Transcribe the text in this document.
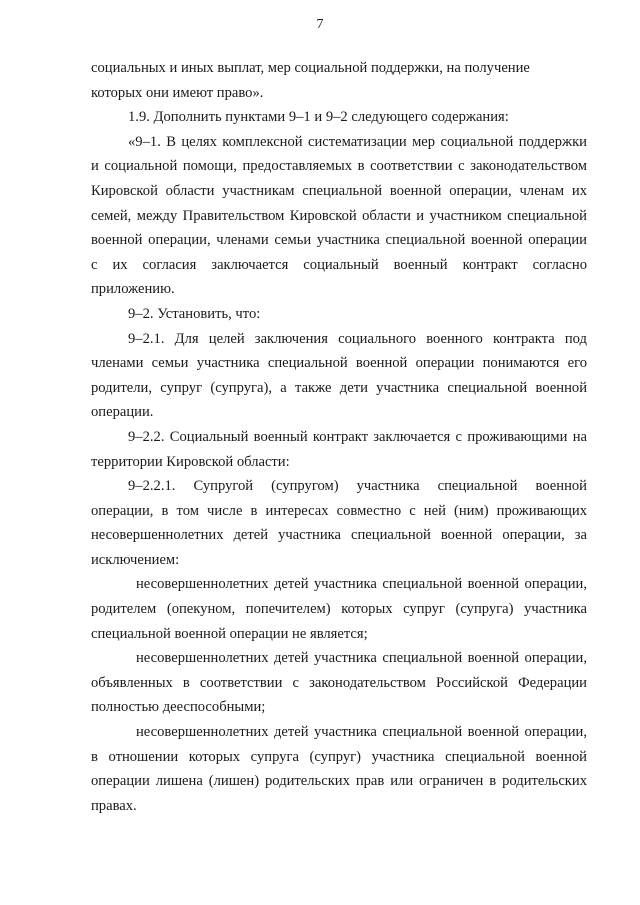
7
социальных и иных выплат, мер социальной поддержки, на получение
которых они имеют право».
1.9. Дополнить пунктами 9–1 и 9–2 следующего содержания:
«9–1. В целях комплексной систематизации мер социальной поддержки
и социальной помощи, предоставляемых в соответствии с законодательством
Кировской области участникам специальной военной операции, членам их
семей, между Правительством Кировской области и участником специальной
военной операции, членами семьи участника специальной военной операции
с их согласия заключается социальный военный контракт согласно
приложению.
9–2. Установить, что:
9–2.1. Для целей заключения социального военного контракта под
членами семьи участника специальной военной операции понимаются его
родители, супруг (супруга), а также дети участника специальной военной
операции.
9–2.2. Социальный военный контракт заключается с проживающими на
территории Кировской области:
9–2.2.1. Супругой (супругом) участника специальной военной
операции, в том числе в интересах совместно с ней (ним) проживающих
несовершеннолетних детей участника специальной военной операции, за
исключением:
несовершеннолетних детей участника специальной военной операции,
родителем (опекуном, попечителем) которых супруг (супруга) участника
специальной военной операции не является;
несовершеннолетних детей участника специальной военной операции,
объявленных в соответствии с законодательством Российской Федерации
полностью дееспособными;
несовершеннолетних детей участника специальной военной операции,
в отношении которых супруга (супруг) участника специальной военной
операции лишена (лишен) родительских прав или ограничен в родительских
правах.
